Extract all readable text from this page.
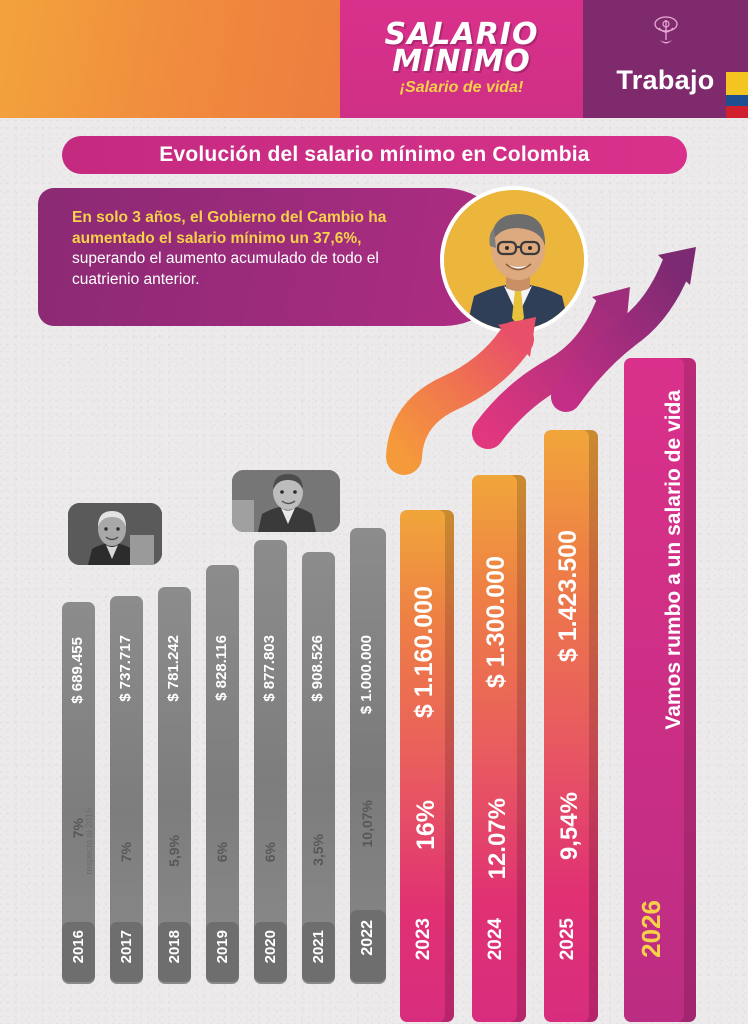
SALARIO
MÍNIMO
¡Salario de vida!	Trabajo
Evolución del salario mínimo en Colombia

En solo 3 años, el Gobierno del Cambio ha aumentado el salario mínimo un 37,6%, superando el aumento acumulado de todo el cuatrienio anterior.

$ 689.455
7%
respecto al 2015
2016
$ 737.717
7%
2017
$ 781.242
5,9%
2018
$ 828.116
6%
2019
$ 877.803
6%
2020
$ 908.526
3,5%
2021
$ 1.000.000
10,07%
2022
$ 1.160.000
16%
2023
$ 1.300.000
12.07%
2024
$ 1.423.500
9,54%
2025
Vamos rumbo a un salario de vida
2026
